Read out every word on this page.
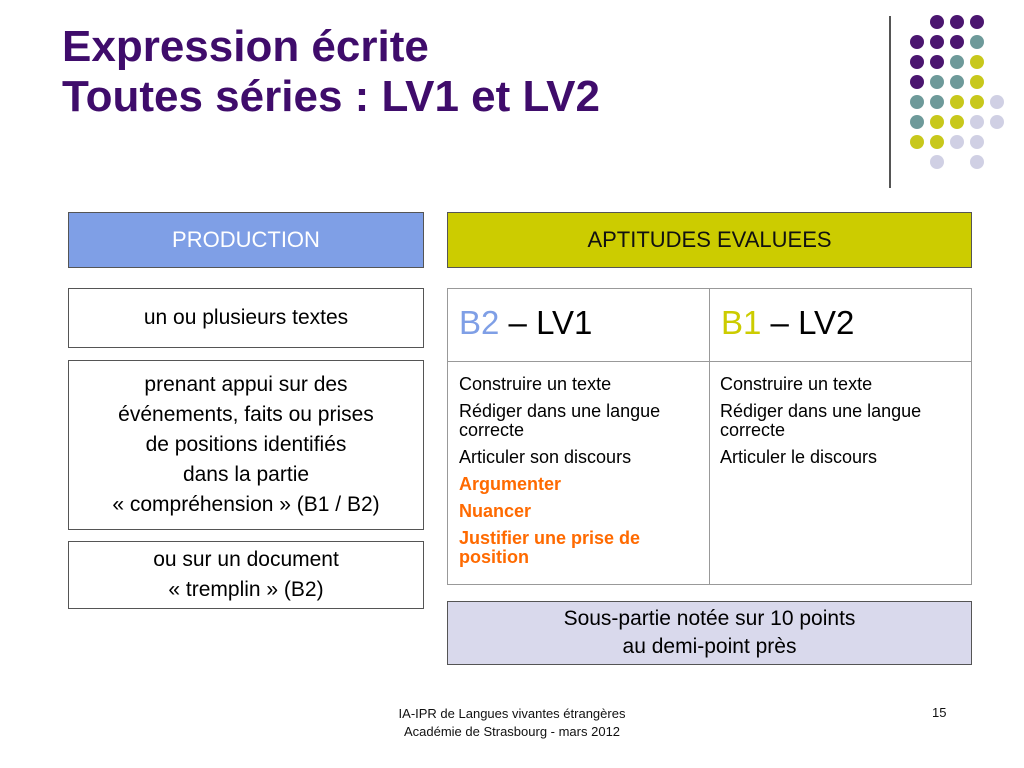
Expression écrite
Toutes séries : LV1 et LV2
PRODUCTION	APTITUDES EVALUEES
un ou plusieurs textes
prenant appui sur des
événements, faits ou prises
de positions identifiés
dans la partie
« compréhension » (B1 / B2)
ou sur un document
« tremplin » (B2)
B2 – LV1	B1 – LV2
Construire un texte
Rédiger dans une langue correcte
Articuler son discours
Argumenter
Nuancer
Justifier une prise de position
Construire un texte
Rédiger dans une langue correcte
Articuler le discours
Sous-partie notée sur 10 points
au demi-point près
IA-IPR de Langues vivantes étrangères
Académie de Strasbourg - mars 2012
15
